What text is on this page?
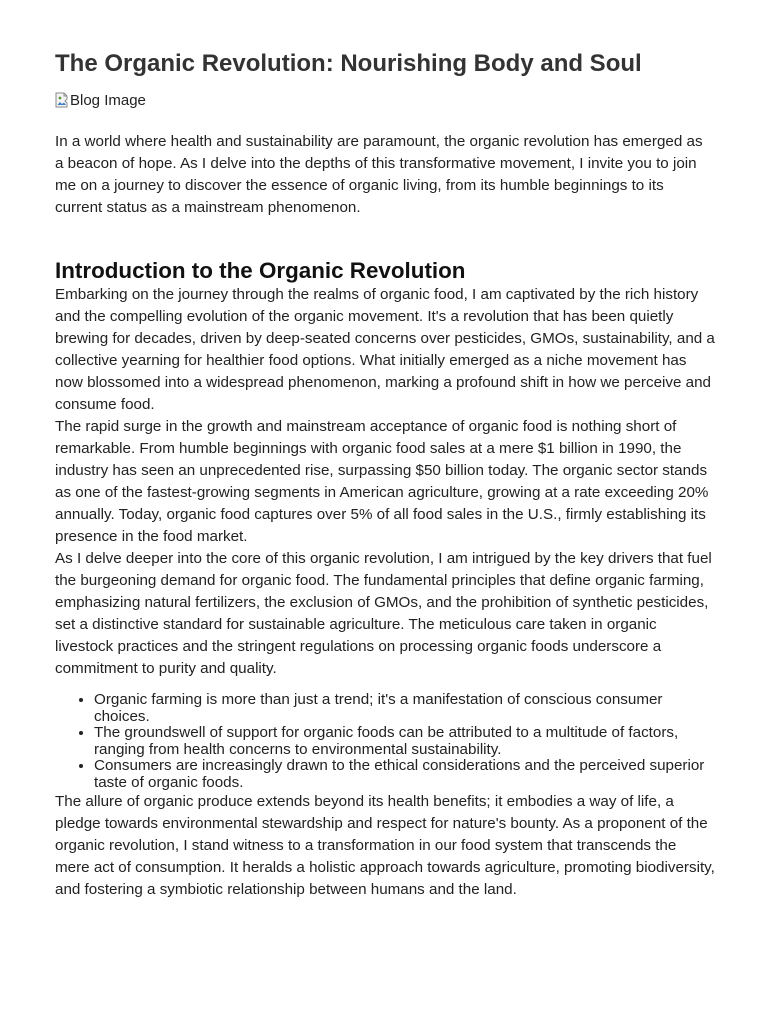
The Organic Revolution: Nourishing Body and Soul
Blog Image

In a world where health and sustainability are paramount, the organic revolution has emerged as a beacon of hope. As I delve into the depths of this transformative movement, I invite you to join me on a journey to discover the essence of organic living, from its humble beginnings to its current status as a mainstream phenomenon.

Introduction to the Organic Revolution

Embarking on the journey through the realms of organic food, I am captivated by the rich history and the compelling evolution of the organic movement. It's a revolution that has been quietly brewing for decades, driven by deep-seated concerns over pesticides, GMOs, sustainability, and a collective yearning for healthier food options. What initially emerged as a niche movement has now blossomed into a widespread phenomenon, marking a profound shift in how we perceive and consume food.

The rapid surge in the growth and mainstream acceptance of organic food is nothing short of remarkable. From humble beginnings with organic food sales at a mere $1 billion in 1990, the industry has seen an unprecedented rise, surpassing $50 billion today. The organic sector stands as one of the fastest-growing segments in American agriculture, growing at a rate exceeding 20% annually. Today, organic food captures over 5% of all food sales in the U.S., firmly establishing its presence in the food market.

As I delve deeper into the core of this organic revolution, I am intrigued by the key drivers that fuel the burgeoning demand for organic food. The fundamental principles that define organic farming, emphasizing natural fertilizers, the exclusion of GMOs, and the prohibition of synthetic pesticides, set a distinctive standard for sustainable agriculture. The meticulous care taken in organic livestock practices and the stringent regulations on processing organic foods underscore a commitment to purity and quality.

• Organic farming is more than just a trend; it's a manifestation of conscious consumer choices.
• The groundswell of support for organic foods can be attributed to a multitude of factors, ranging from health concerns to environmental sustainability.
• Consumers are increasingly drawn to the ethical considerations and the perceived superior taste of organic foods.

The allure of organic produce extends beyond its health benefits; it embodies a way of life, a pledge towards environmental stewardship and respect for nature's bounty. As a proponent of the organic revolution, I stand witness to a transformation in our food system that transcends the mere act of consumption. It heralds a holistic approach towards agriculture, promoting biodiversity, and fostering a symbiotic relationship between humans and the land.
